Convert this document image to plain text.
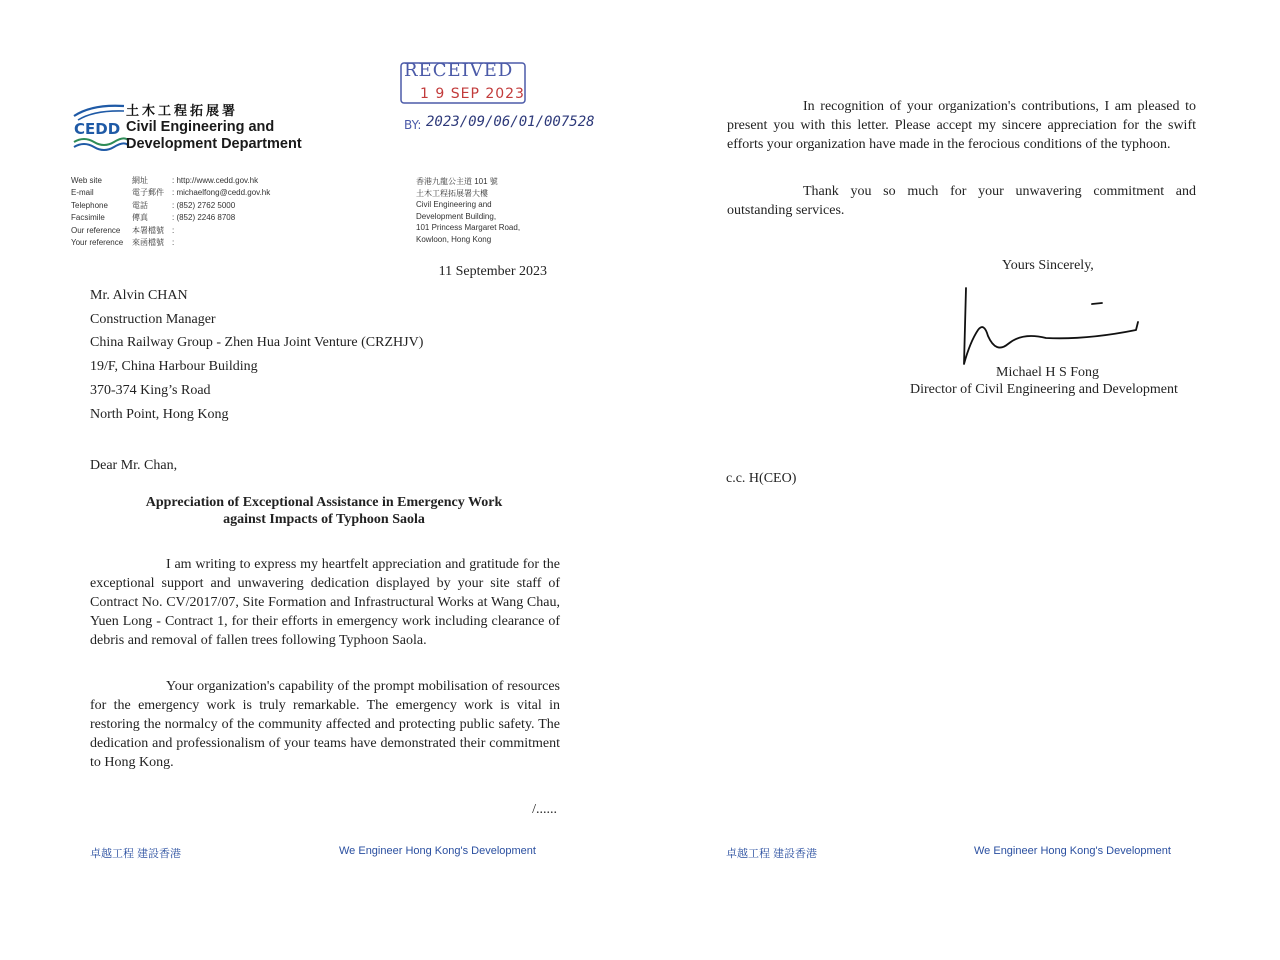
土木工程拓展署
CEDD Civil Engineering and
Development Department
RECEIVED
1 9 SEP 2023
BY: 2023/09/06/01/007528
Web site	網址	: http://www.cedd.gov.hk
E-mail	電子郵件	: michaelfong@cedd.gov.hk
Telephone	電話	: (852) 2762 5000
Facsimile	傳真	: (852) 2246 8708
Our reference	本署檔號	:
Your reference	來函檔號	:
香港九龍公主道 101 號
土木工程拓展署大樓
Civil Engineering and
Development Building,
101 Princess Margaret Road,
Kowloon, Hong Kong
11 September 2023
Mr. Alvin CHAN
Construction Manager
China Railway Group - Zhen Hua Joint Venture (CRZHJV)
19/F, China Harbour Building
370-374 King’s Road
North Point, Hong Kong
Dear Mr. Chan,
Appreciation of Exceptional Assistance in Emergency Work
against Impacts of Typhoon Saola
I am writing to express my heartfelt appreciation and gratitude for the exceptional support and unwavering dedication displayed by your site staff of Contract No. CV/2017/07, Site Formation and Infrastructural Works at Wang Chau, Yuen Long - Contract 1, for their efforts in emergency work including clearance of debris and removal of fallen trees following Typhoon Saola.
Your organization's capability of the prompt mobilisation of resources for the emergency work is truly remarkable. The emergency work is vital in restoring the normalcy of the community affected and protecting public safety. The dedication and professionalism of your teams have demonstrated their commitment to Hong Kong.
/......
卓越工程 建設香港	We Engineer Hong Kong's Development
In recognition of your organization's contributions, I am pleased to present you with this letter. Please accept my sincere appreciation for the swift efforts your organization have made in the ferocious conditions of the typhoon.
Thank you so much for your unwavering commitment and outstanding services.
Yours Sincerely,
Michael H S Fong
Director of Civil Engineering and Development
c.c. H(CEO)
卓越工程 建設香港	We Engineer Hong Kong's Development
